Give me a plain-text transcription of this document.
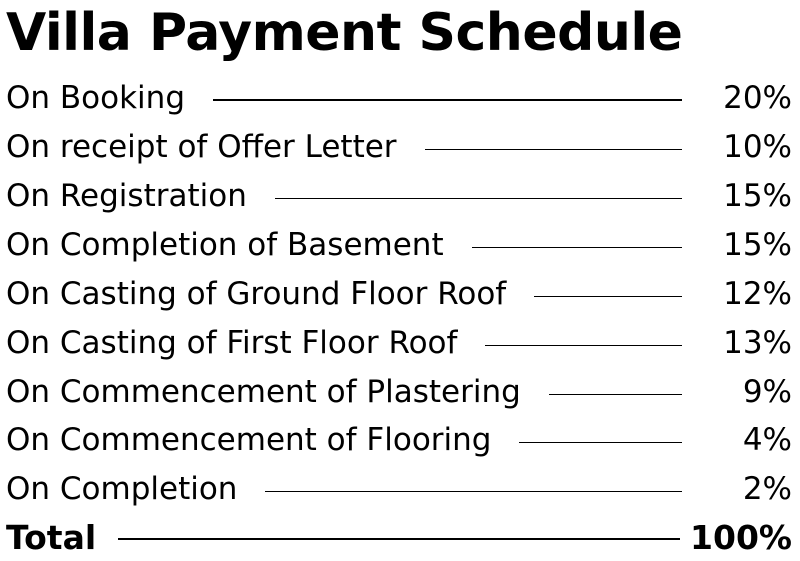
Villa Payment Schedule
On Booking	20%
On receipt of Offer Letter	10%
On Registration	15%
On Completion of Basement	15%
On Casting of Ground Floor Roof	12%
On Casting of First Floor Roof	13%
On Commencement of Plastering	9%
On Commencement of Flooring	4%
On Completion	2%
Total	100%
